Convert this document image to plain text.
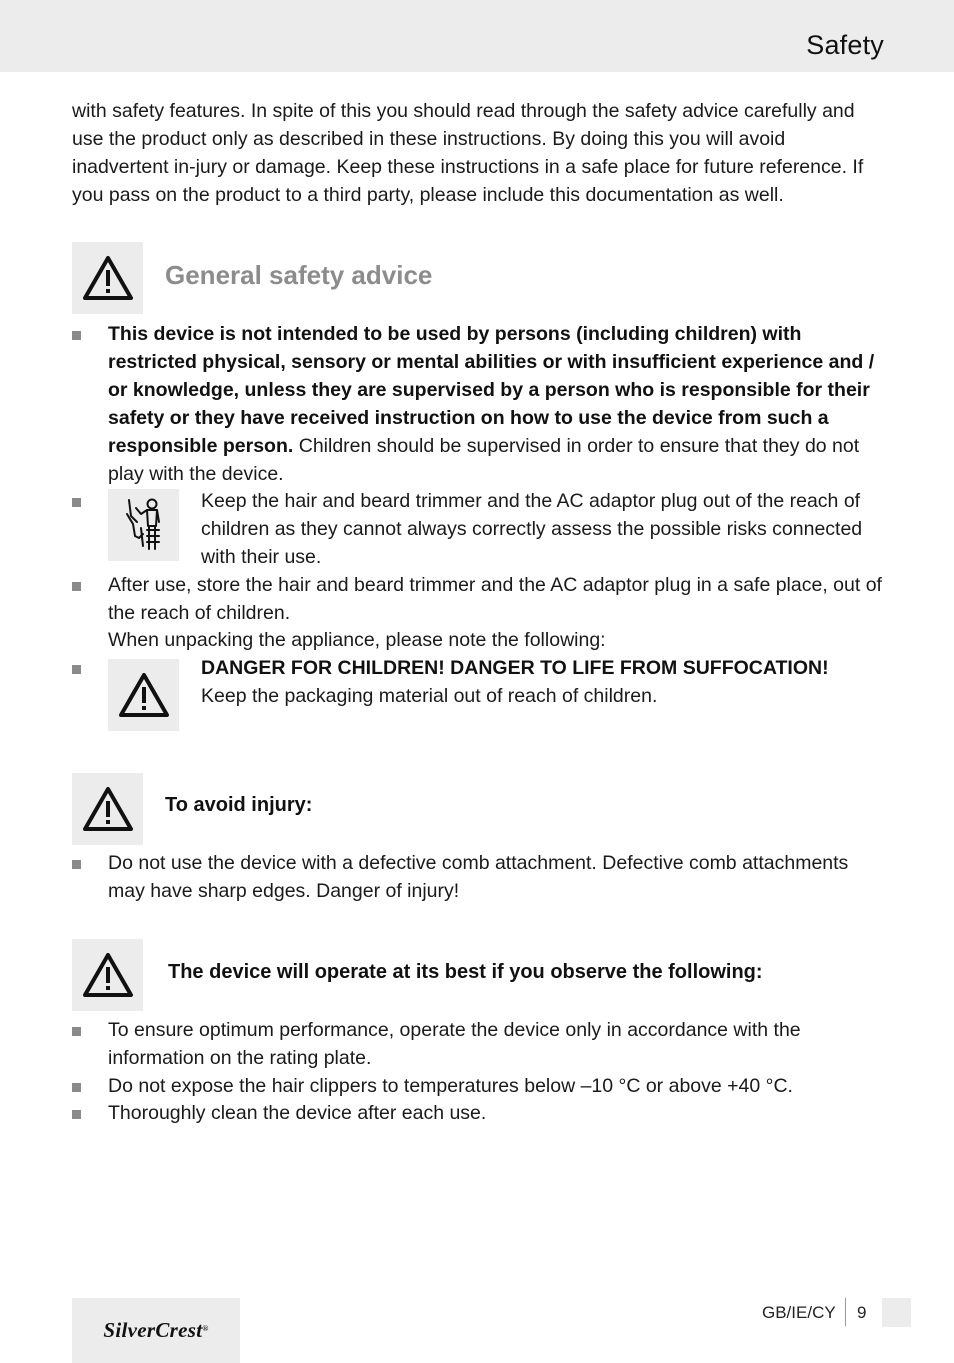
Safety
with safety features. In spite of this you should read through the safety advice carefully and use the product only as described in these instructions. By doing this you will avoid inadvertent in-jury or damage. Keep these instructions in a safe place for future reference. If you pass on the product to a third party, please include this documentation as well.
General safety advice
This device is not intended to be used by persons (including children) with restricted physical, sensory or mental abilities or with insufficient experience and / or knowledge, unless they are supervised by a person who is responsible for their safety or they have received instruction on how to use the device from such a responsible person. Children should be supervised in order to ensure that they do not play with the device.
Keep the hair and beard trimmer and the AC adaptor plug out of the reach of children as they cannot always correctly assess the possible risks connected with their use.
After use, store the hair and beard trimmer and the AC adaptor plug in a safe place, out of the reach of children.
When unpacking the appliance, please note the following:
DANGER FOR CHILDREN! DANGER TO LIFE FROM SUFFOCATION!
Keep the packaging material out of reach of children.
To avoid injury:
Do not use the device with a defective comb attachment. Defective comb attachments may have sharp edges. Danger of injury!
The device will operate at its best if you observe the following:
To ensure optimum performance, operate the device only in accordance with the information on the rating plate.
Do not expose the hair clippers to temperatures below –10 °C or above +40 °C.
Thoroughly clean the device after each use.
SilverCrest ®
GB/IE/CY 9
